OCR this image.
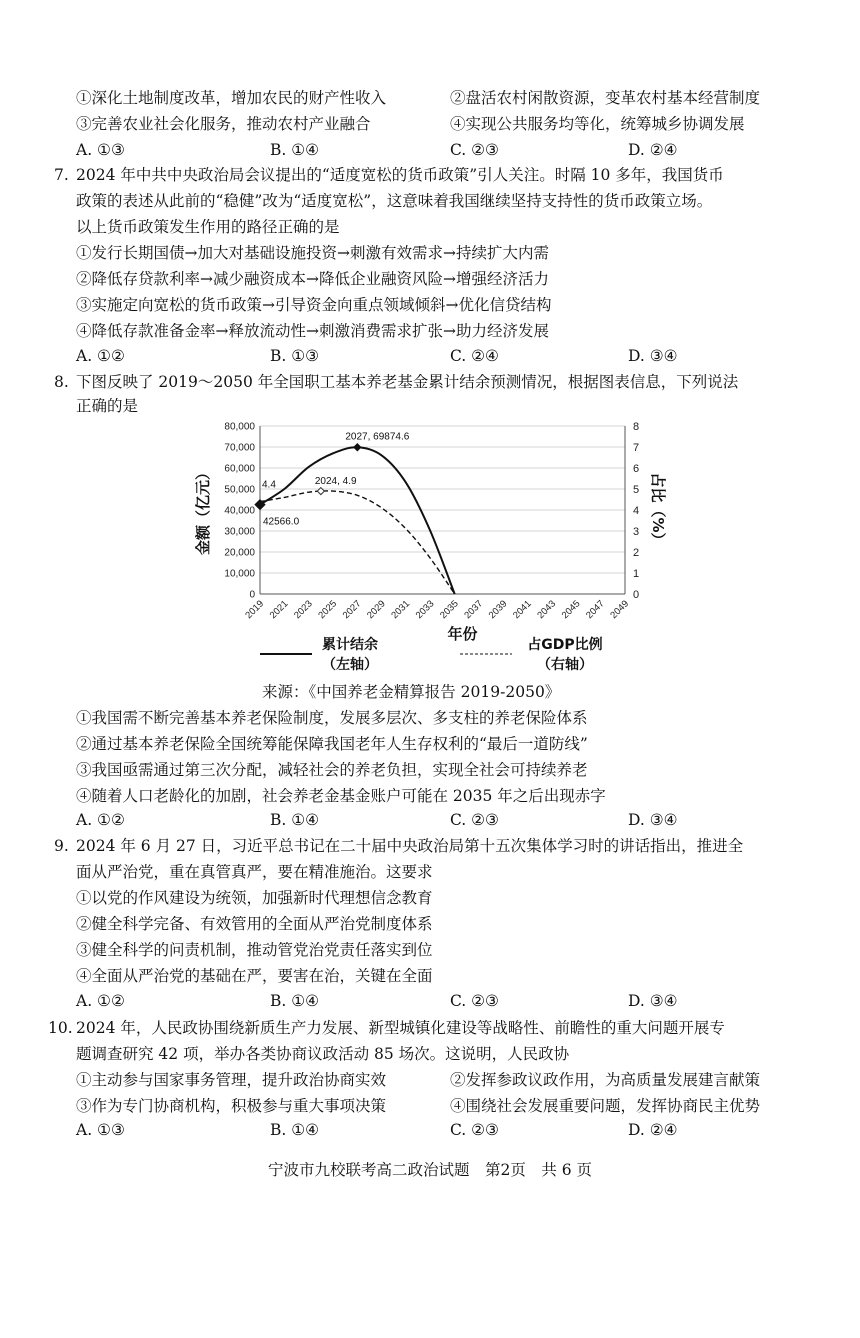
①深化土地制度改革，增加农民的财产性收入	②盘活农村闲散资源，变革农村基本经营制度
③完善农业社会化服务，推动农村产业融合	④实现公共服务均等化，统筹城乡协调发展
A. ①③	B. ①④	C. ②③	D. ②④
7. 2024 年中共中央政治局会议提出的“适度宽松的货币政策”引人关注。时隔 10 多年，我国货币
政策的表述从此前的“稳健”改为“适度宽松”，这意味着我国继续坚持支持性的货币政策立场。
以上货币政策发生作用的路径正确的是
①发行长期国债→加大对基础设施投资→刺激有效需求→持续扩大内需
②降低存贷款利率→减少融资成本→降低企业融资风险→增强经济活力
③实施定向宽松的货币政策→引导资金向重点领域倾斜→优化信贷结构
④降低存款准备金率→释放流动性→刺激消费需求扩张→助力经济发展
A. ①②	B. ①③	C. ②④	D. ③④
8. 下图反映了 2019～2050 年全国职工基本养老基金累计结余预测情况，根据图表信息，下列说法
正确的是
0
10,000
20,000
30,000
40,000
50,000
60,000
70,000
80,000
0
1
2
3
4
5
6
7
8
2019 2021 2023 2025 2027 2029 2031 2033 2035 2037 2039 2041 2043 2045 2047 2049
年份
金额（亿元）	占比（%）
2027, 69874.6
2024, 4.9
42566.0
4.4
累计结余
（左轴）
占GDP比例
（右轴）
来源：《中国养老金精算报告 2019-2050》
①我国需不断完善基本养老保险制度，发展多层次、多支柱的养老保险体系
②通过基本养老保险全国统筹能保障我国老年人生存权利的“最后一道防线”
③我国亟需通过第三次分配，减轻社会的养老负担，实现全社会可持续养老
④随着人口老龄化的加剧，社会养老金基金账户可能在 2035 年之后出现赤字
A. ①②	B. ①④	C. ②③	D. ③④
9. 2024 年 6 月 27 日，习近平总书记在二十届中央政治局第十五次集体学习时的讲话指出，推进全
面从严治党，重在真管真严，要在精准施治。这要求
①以党的作风建设为统领，加强新时代理想信念教育
②健全科学完备、有效管用的全面从严治党制度体系
③健全科学的问责机制，推动管党治党责任落实到位
④全面从严治党的基础在严，要害在治，关键在全面
A. ①②	B. ①④	C. ②③	D. ③④
10. 2024 年，人民政协围绕新质生产力发展、新型城镇化建设等战略性、前瞻性的重大问题开展专
题调查研究 42 项，举办各类协商议政活动 85 场次。这说明，人民政协
①主动参与国家事务管理，提升政治协商实效	②发挥参政议政作用，为高质量发展建言献策
③作为专门协商机构，积极参与重大事项决策	④围绕社会发展重要问题，发挥协商民主优势
A. ①③	B. ①④	C. ②③	D. ②④
宁波市九校联考高二政治试题　第2页　共 6 页
